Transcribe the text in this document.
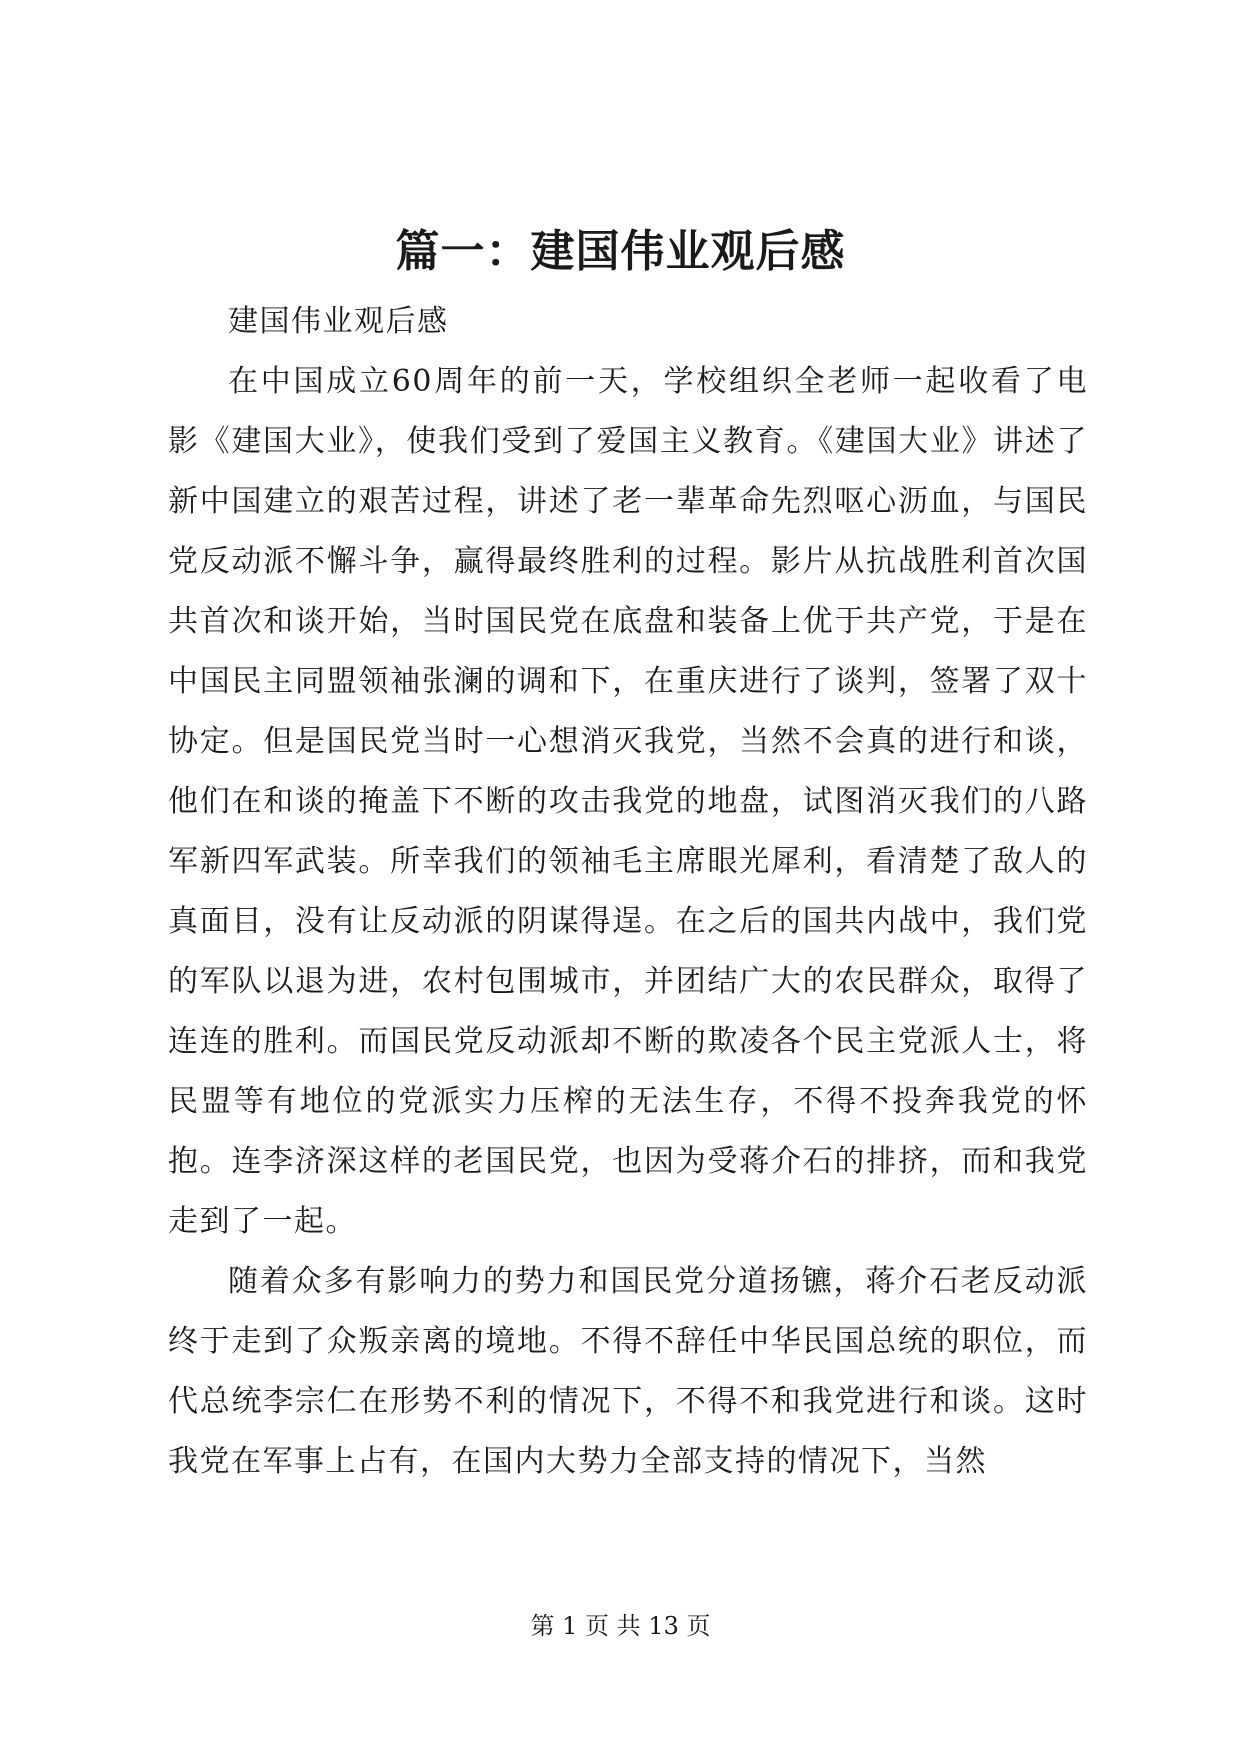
篇一：建国伟业观后感

建国伟业观后感

在中国成立60周年的前一天，学校组织全老师一起收看了电影《建国大业》，使我们受到了爱国主义教育。《建国大业》讲述了新中国建立的艰苦过程，讲述了老一辈革命先烈呕心沥血，与国民党反动派不懈斗争，赢得最终胜利的过程。影片从抗战胜利首次国共首次和谈开始，当时国民党在底盘和装备上优于共产党，于是在中国民主同盟领袖张澜的调和下，在重庆进行了谈判，签署了双十协定。但是国民党当时一心想消灭我党，当然不会真的进行和谈，他们在和谈的掩盖下不断的攻击我党的地盘，试图消灭我们的八路军新四军武装。所幸我们的领袖毛主席眼光犀利，看清楚了敌人的真面目，没有让反动派的阴谋得逞。在之后的国共内战中，我们党的军队以退为进，农村包围城市，并团结广大的农民群众，取得了连连的胜利。而国民党反动派却不断的欺凌各个民主党派人士，将民盟等有地位的党派实力压榨的无法生存，不得不投奔我党的怀抱。连李济深这样的老国民党，也因为受蒋介石的排挤，而和我党走到了一起。

随着众多有影响力的势力和国民党分道扬镳，蒋介石老反动派终于走到了众叛亲离的境地。不得不辞任中华民国总统的职位，而代总统李宗仁在形势不利的情况下，不得不和我党进行和谈。这时我党在军事上占有，在国内大势力全部支持的情况下，当然

第 1 页 共 13 页
